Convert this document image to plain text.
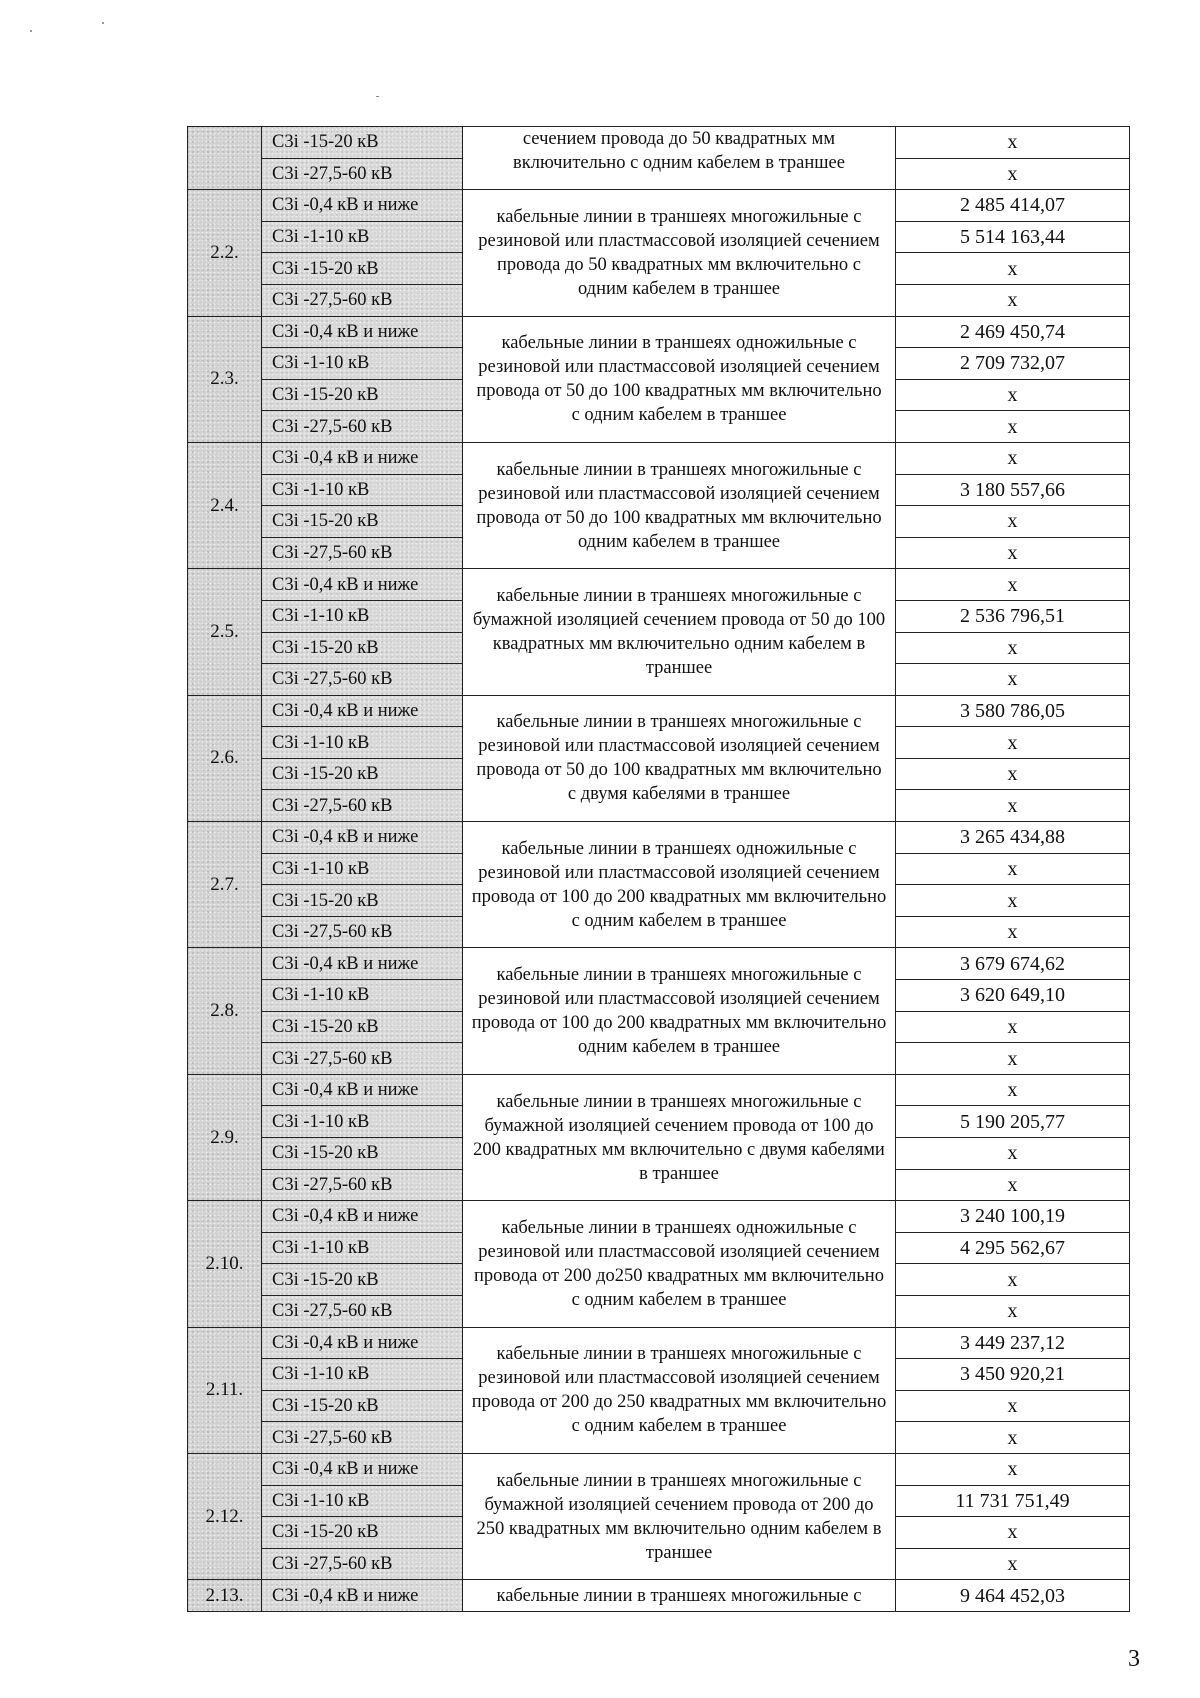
	C3i -15-20 кВ	сечением провода до 50 квадратных мм включительно с одним кабелем в траншее	x
	C3i -27,5-60 кВ		x
2.2.	C3i -0,4 кВ и ниже	кабельные линии в траншеях многожильные с резиновой или пластмассовой изоляцией сечением провода до 50 квадратных мм включительно с одним кабелем в траншее	2 485 414,07
	C3i -1-10 кВ		5 514 163,44
	C3i -15-20 кВ		x
	C3i -27,5-60 кВ		x
2.3.	C3i -0,4 кВ и ниже	кабельные линии в траншеях одножильные с резиновой или пластмассовой изоляцией сечением провода от 50 до 100 квадратных мм включительно с одним кабелем в траншее	2 469 450,74
	C3i -1-10 кВ		2 709 732,07
	C3i -15-20 кВ		x
	C3i -27,5-60 кВ		x
2.4.	C3i -0,4 кВ и ниже	кабельные линии в траншеях многожильные с резиновой или пластмассовой изоляцией сечением провода от 50 до 100 квадратных мм включительно одним кабелем в траншее	x
	C3i -1-10 кВ		3 180 557,66
	C3i -15-20 кВ		x
	C3i -27,5-60 кВ		x
2.5.	C3i -0,4 кВ и ниже	кабельные линии в траншеях многожильные с бумажной изоляцией сечением провода от 50 до 100 квадратных мм включительно одним кабелем в траншее	x
	C3i -1-10 кВ		2 536 796,51
	C3i -15-20 кВ		x
	C3i -27,5-60 кВ		x
2.6.	C3i -0,4 кВ и ниже	кабельные линии в траншеях многожильные с резиновой или пластмассовой изоляцией сечением провода от 50 до 100 квадратных мм включительно с двумя кабелями в траншее	3 580 786,05
	C3i -1-10 кВ		x
	C3i -15-20 кВ		x
	C3i -27,5-60 кВ		x
2.7.	C3i -0,4 кВ и ниже	кабельные линии в траншеях одножильные с резиновой или пластмассовой изоляцией сечением провода от 100 до 200 квадратных мм включительно с одним кабелем в траншее	3 265 434,88
	C3i -1-10 кВ		x
	C3i -15-20 кВ		x
	C3i -27,5-60 кВ		x
2.8.	C3i -0,4 кВ и ниже	кабельные линии в траншеях многожильные с резиновой или пластмассовой изоляцией сечением провода от 100 до 200 квадратных мм включительно одним кабелем в траншее	3 679 674,62
	C3i -1-10 кВ		3 620 649,10
	C3i -15-20 кВ		x
	C3i -27,5-60 кВ		x
2.9.	C3i -0,4 кВ и ниже	кабельные линии в траншеях многожильные с бумажной изоляцией сечением провода от 100 до 200 квадратных мм включительно с двумя кабелями в траншее	x
	C3i -1-10 кВ		5 190 205,77
	C3i -15-20 кВ		x
	C3i -27,5-60 кВ		x
2.10.	C3i -0,4 кВ и ниже	кабельные линии в траншеях одножильные с резиновой или пластмассовой изоляцией сечением провода от 200 до250 квадратных мм включительно с одним кабелем в траншее	3 240 100,19
	C3i -1-10 кВ		4 295 562,67
	C3i -15-20 кВ		x
	C3i -27,5-60 кВ		x
2.11.	C3i -0,4 кВ и ниже	кабельные линии в траншеях многожильные с резиновой или пластмассовой изоляцией сечением провода от 200 до 250 квадратных мм включительно с одним кабелем в траншее	3 449 237,12
	C3i -1-10 кВ		3 450 920,21
	C3i -15-20 кВ		x
	C3i -27,5-60 кВ		x
2.12.	C3i -0,4 кВ и ниже	кабельные линии в траншеях многожильные с бумажной изоляцией сечением провода от 200 до 250 квадратных мм включительно одним кабелем в траншее	x
	C3i -1-10 кВ		11 731 751,49
	C3i -15-20 кВ		x
	C3i -27,5-60 кВ		x
2.13.	C3i -0,4 кВ и ниже	кабельные линии в траншеях многожильные с	9 464 452,03
3
